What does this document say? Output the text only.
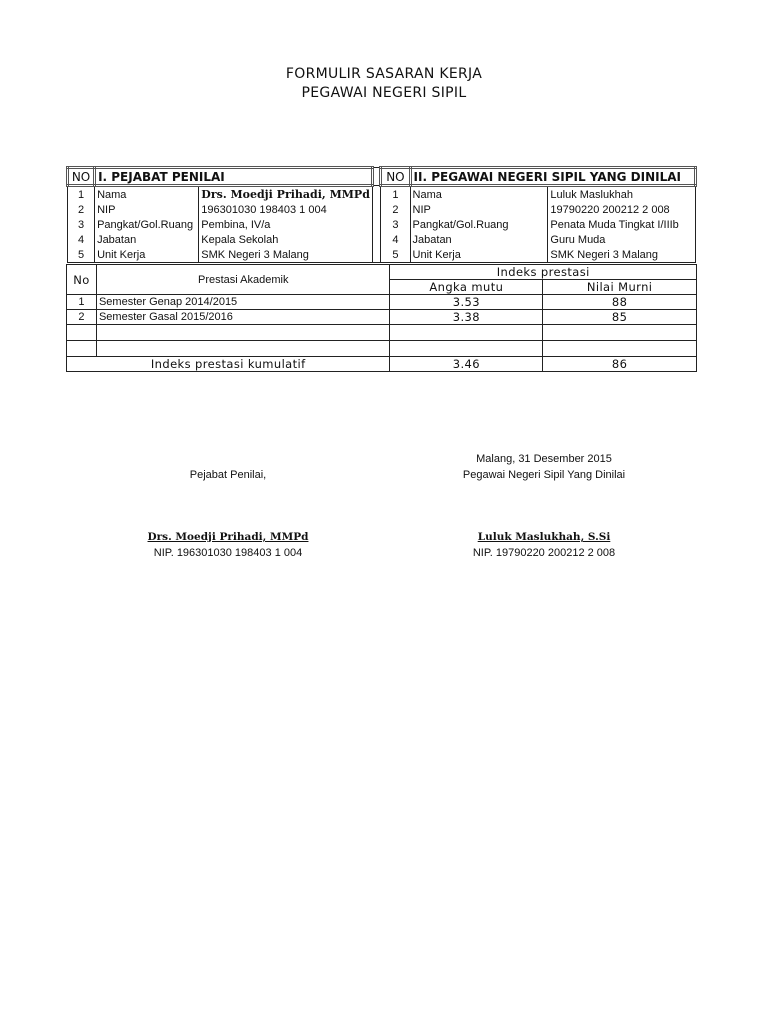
FORMULIR SASARAN KERJA
PEGAWAI NEGERI SIPIL
NO	I. PEJABAT PENILAI			NO	II. PEGAWAI NEGERI SIPIL YANG DINILAI	
1	Nama	Drs. Moedji Prihadi, MMPd		1	Nama	Luluk Maslukhah
2	NIP	196301030 198403 1 004		2	NIP	19790220 200212 2 008
3	Pangkat/Gol.Ruang	Pembina, IV/a		3	Pangkat/Gol.Ruang	Penata Muda Tingkat I/IIIb
4	Jabatan	Kepala Sekolah		4	Jabatan	Guru Muda
5	Unit Kerja	SMK Negeri 3 Malang		5	Unit Kerja	SMK Negeri 3 Malang
No	Prestasi Akademik	Indeks prestasi	
		Angka mutu	Nilai Murni
1	Semester Genap 2014/2015	3.53	88
2	Semester Gasal 2015/2016	3.38	85

Indeks prestasi kumulatif		3.46	86
Malang, 31 Desember 2015
Pejabat Penilai,	Pegawai Negeri Sipil Yang Dinilai
Drs. Moedji Prihadi, MMPd
NIP. 196301030 198403 1 004
Luluk Maslukhah, S.Si
NIP. 19790220 200212 2 008
